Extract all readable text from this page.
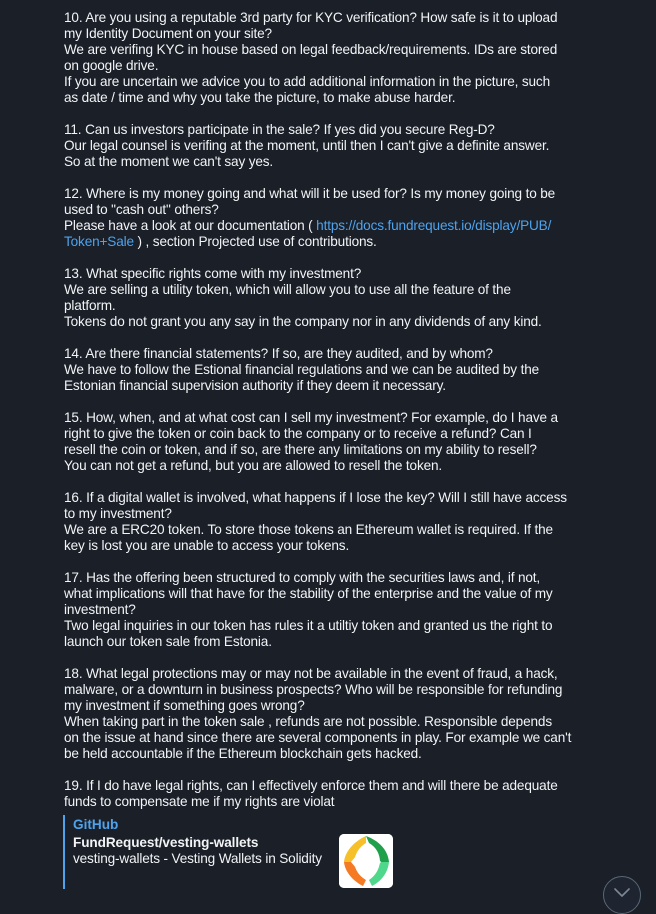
10. Are you using a reputable 3rd party for KYC verification? How safe is it to upload
my Identity Document on your site?
We are verifing KYC in house based on legal feedback/requirements. IDs are stored
on google drive.
If you are uncertain we advice you to add additional information in the picture, such
as date / time and why you take the picture, to make abuse harder.
11. Can us investors participate in the sale? If yes did you secure Reg-D?
Our legal counsel is verifing at the moment, until then I can't give a definite answer.
So at the moment we can't say yes.
12. Where is my money going and what will it be used for? Is my money going to be
used to "cash out" others?
Please have a look at our documentation ( https://docs.fundrequest.io/display/PUB/
Token+Sale ) , section Projected use of contributions.
13. What specific rights come with my investment?
We are selling a utility token, which will allow you to use all the feature of the
platform.
Tokens do not grant you any say in the company nor in any dividends of any kind.
14. Are there financial statements? If so, are they audited, and by whom?
We have to follow the Estional financial regulations and we can be audited by the
Estonian financial supervision authority if they deem it necessary.
15. How, when, and at what cost can I sell my investment? For example, do I have a
right to give the token or coin back to the company or to receive a refund? Can I
resell the coin or token, and if so, are there any limitations on my ability to resell?
You can not get a refund, but you are allowed to resell the token.
16. If a digital wallet is involved, what happens if I lose the key? Will I still have access
to my investment?
We are a ERC20 token. To store those tokens an Ethereum wallet is required. If the
key is lost you are unable to access your tokens.
17. Has the offering been structured to comply with the securities laws and, if not,
what implications will that have for the stability of the enterprise and the value of my
investment?
Two legal inquiries in our token has rules it a utiltiy token and granted us the right to
launch our token sale from Estonia.
18. What legal protections may or may not be available in the event of fraud, a hack,
malware, or a downturn in business prospects? Who will be responsible for refunding
my investment if something goes wrong?
When taking part in the token sale , refunds are not possible. Responsible depends
on the issue at hand since there are several components in play. For example we can't
be held accountable if the Ethereum blockchain gets hacked.
19. If I do have legal rights, can I effectively enforce them and will there be adequate
funds to compensate me if my rights are violat
GitHub
FundRequest/vesting-wallets
vesting-wallets - Vesting Wallets in Solidity
